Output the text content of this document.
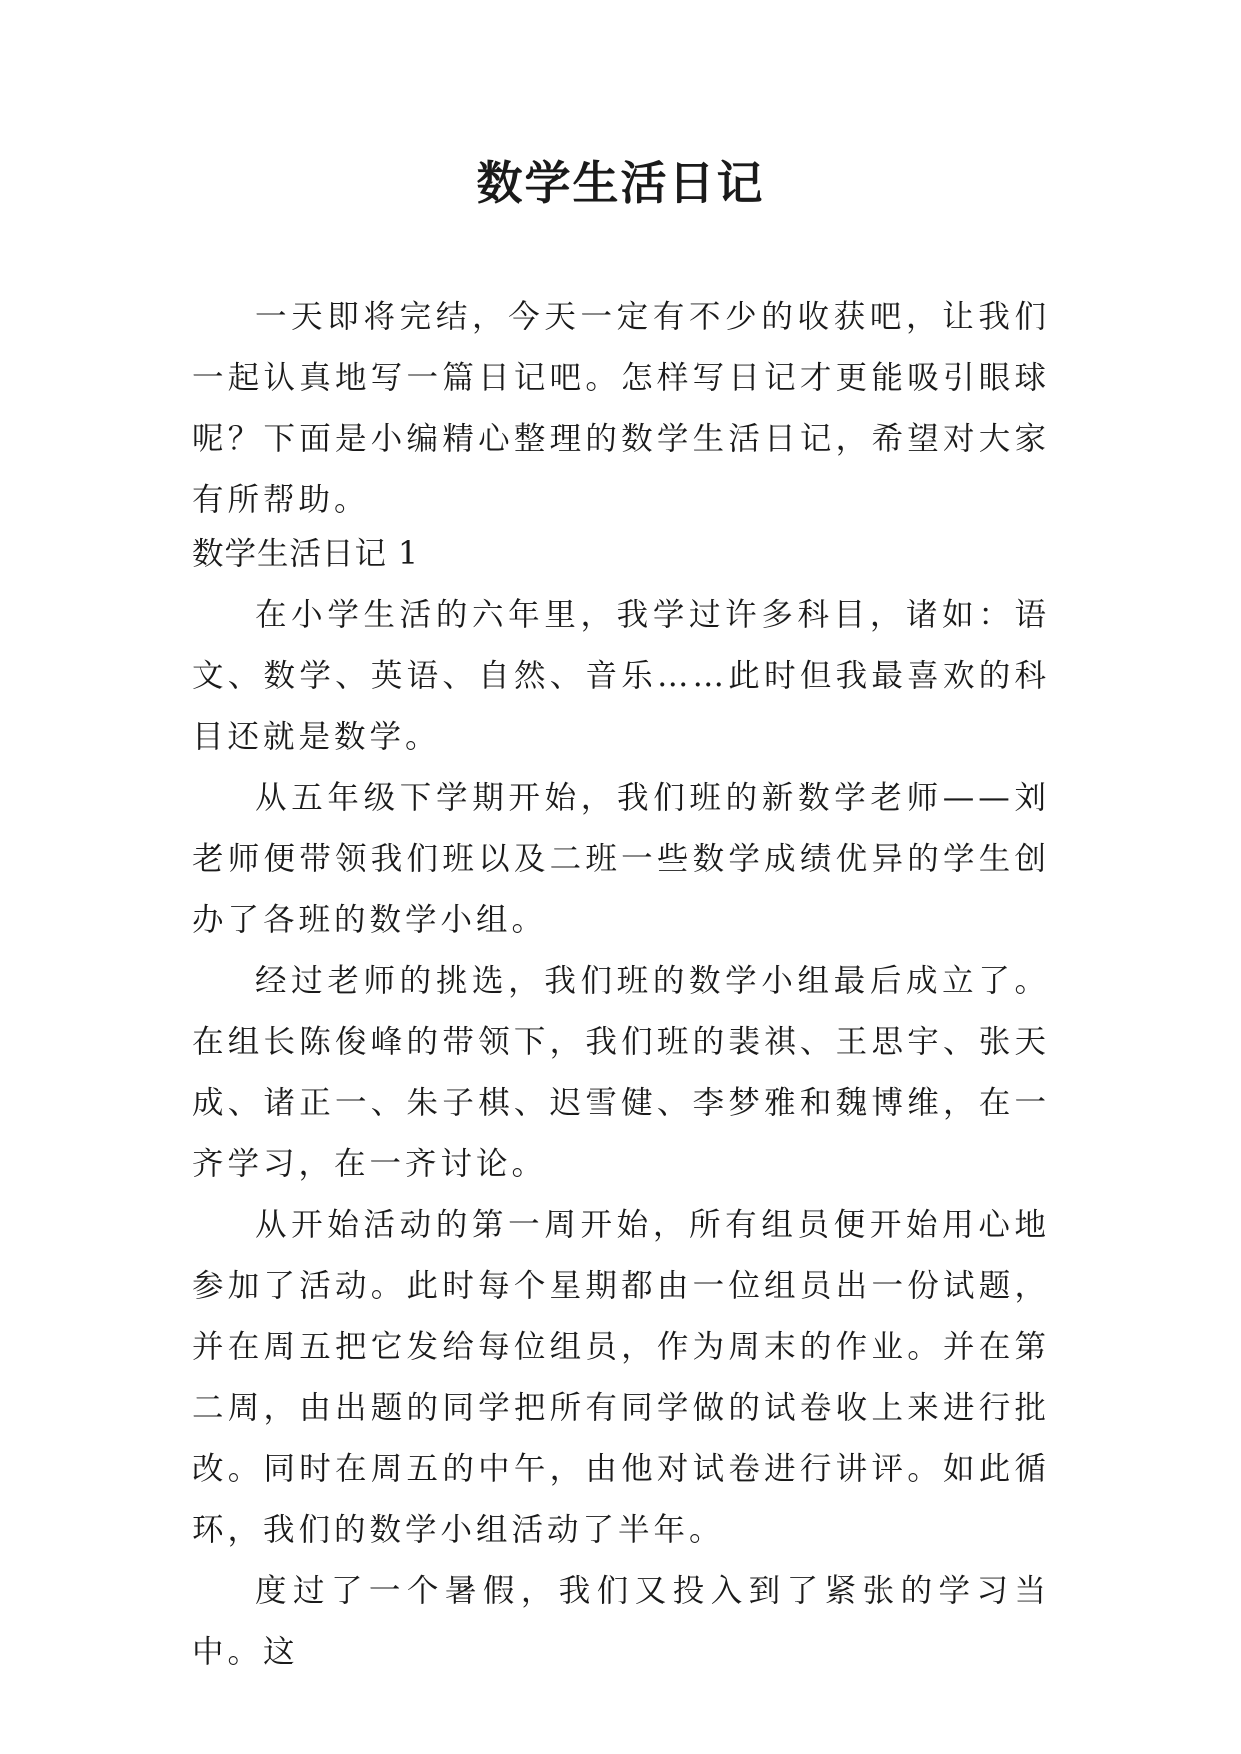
数学生活日记

一天即将完结，今天一定有不少的收获吧，让我们一起认真地写一篇日记吧。怎样写日记才更能吸引眼球呢？下面是小编精心整理的数学生活日记，希望对大家有所帮助。

数学生活日记 1

在小学生活的六年里，我学过许多科目，诸如：语文、数学、英语、自然、音乐……此时但我最喜欢的科目还就是数学。

从五年级下学期开始，我们班的新数学老师——刘老师便带领我们班以及二班一些数学成绩优异的学生创办了各班的数学小组。

经过老师的挑选，我们班的数学小组最后成立了。在组长陈俊峰的带领下，我们班的裴祺、王思宇、张天成、诸正一、朱子棋、迟雪健、李梦雅和魏博维，在一齐学习，在一齐讨论。

从开始活动的第一周开始，所有组员便开始用心地参加了活动。此时每个星期都由一位组员出一份试题，并在周五把它发给每位组员，作为周末的作业。并在第二周，由出题的同学把所有同学做的试卷收上来进行批改。同时在周五的中午，由他对试卷进行讲评。如此循环，我们的数学小组活动了半年。

度过了一个暑假，我们又投入到了紧张的学习当中。这
